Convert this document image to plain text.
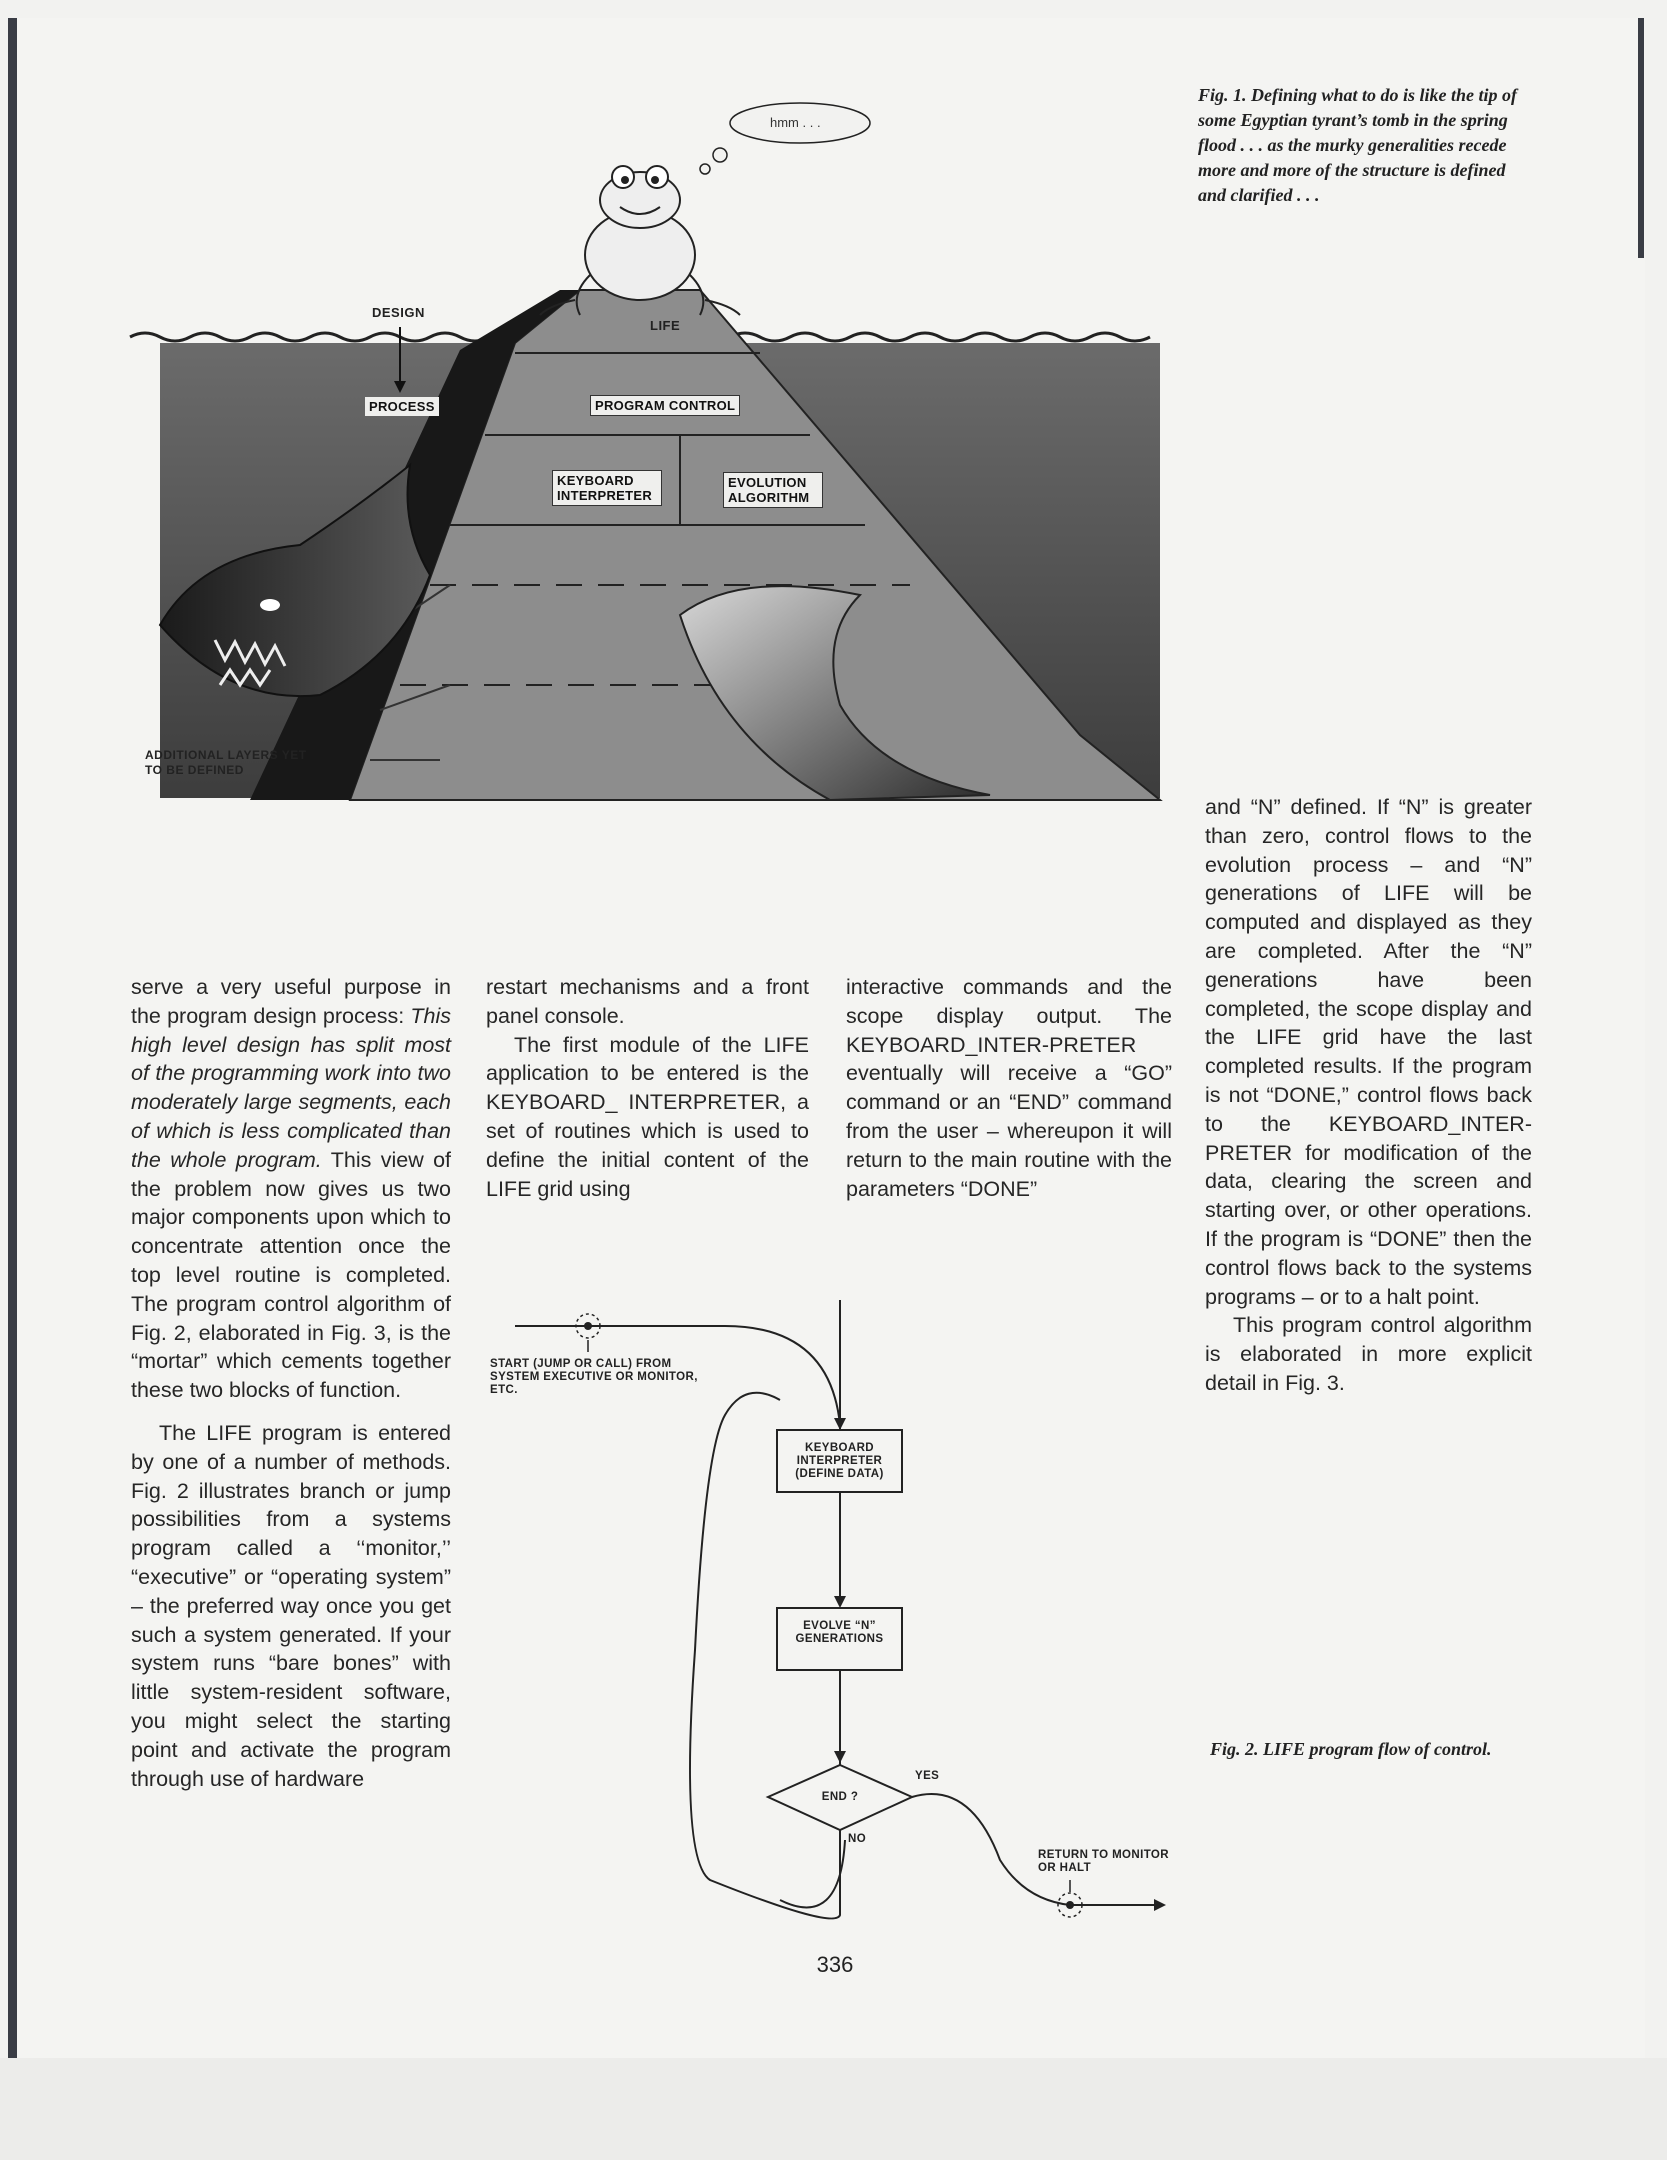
hmm . . .
DESIGN
PROCESS
LIFE
PROGRAM CONTROL
KEYBOARD INTERPRETER
EVOLUTION ALGORITHM
ADDITIONAL LAYERS YET TO BE DEFINED
Fig. 1. Defining what to do is like the tip of some Egyptian tyrant’s tomb in the spring flood . . . as the murky generalities recede more and more of the structure is defined and clarified . . .

serve a very useful purpose in the program design process: This high level design has split most of the programming work into two moderately large segments, each of which is less complicated than the whole program. This view of the problem now gives us two major components upon which to concentrate attention once the top level routine is completed. The program control algorithm of Fig. 2, elaborated in Fig. 3, is the “mortar” which cements together these two blocks of function.

The LIFE program is entered by one of a number of methods. Fig. 2 illustrates branch or jump possibilities from a systems program called a ‘‘monitor,’’ “executive” or “operating system” – the preferred way once you get such a system generated. If your system runs “bare bones” with little system-resident software, you might select the starting point and activate the program through use of hardware

restart mechanisms and a front panel console.

The first module of the LIFE application to be entered is the KEYBOARD_ INTERPRETER, a set of routines which is used to define the initial content of the LIFE grid using

interactive commands and the scope display output. The KEYBOARD_INTER-PRETER eventually will receive a “GO” command or an “END” command from the user – whereupon it will return to the main routine with the parameters “DONE”

and “N” defined. If “N” is greater than zero, control flows to the evolution process – and “N” generations of LIFE will be computed and displayed as they are completed. After the “N” generations have been completed, the scope display and the LIFE grid have the last completed results. If the program is not “DONE,” control flows back to the KEYBOARD_INTER-PRETER for modification of the data, clearing the screen and starting over, or other operations. If the program is “DONE” then the control flows back to the systems programs – or to a halt point.

This program control algorithm is elaborated in more explicit detail in Fig. 3.

START (JUMP OR CALL) FROM SYSTEM EXECUTIVE OR MONITOR, ETC.
KEYBOARD INTERPRETER (DEFINE DATA)
EVOLVE “N” GENERATIONS
END ?
YES
NO
RETURN TO MONITOR OR HALT
Fig. 2. LIFE program flow of control.
336
